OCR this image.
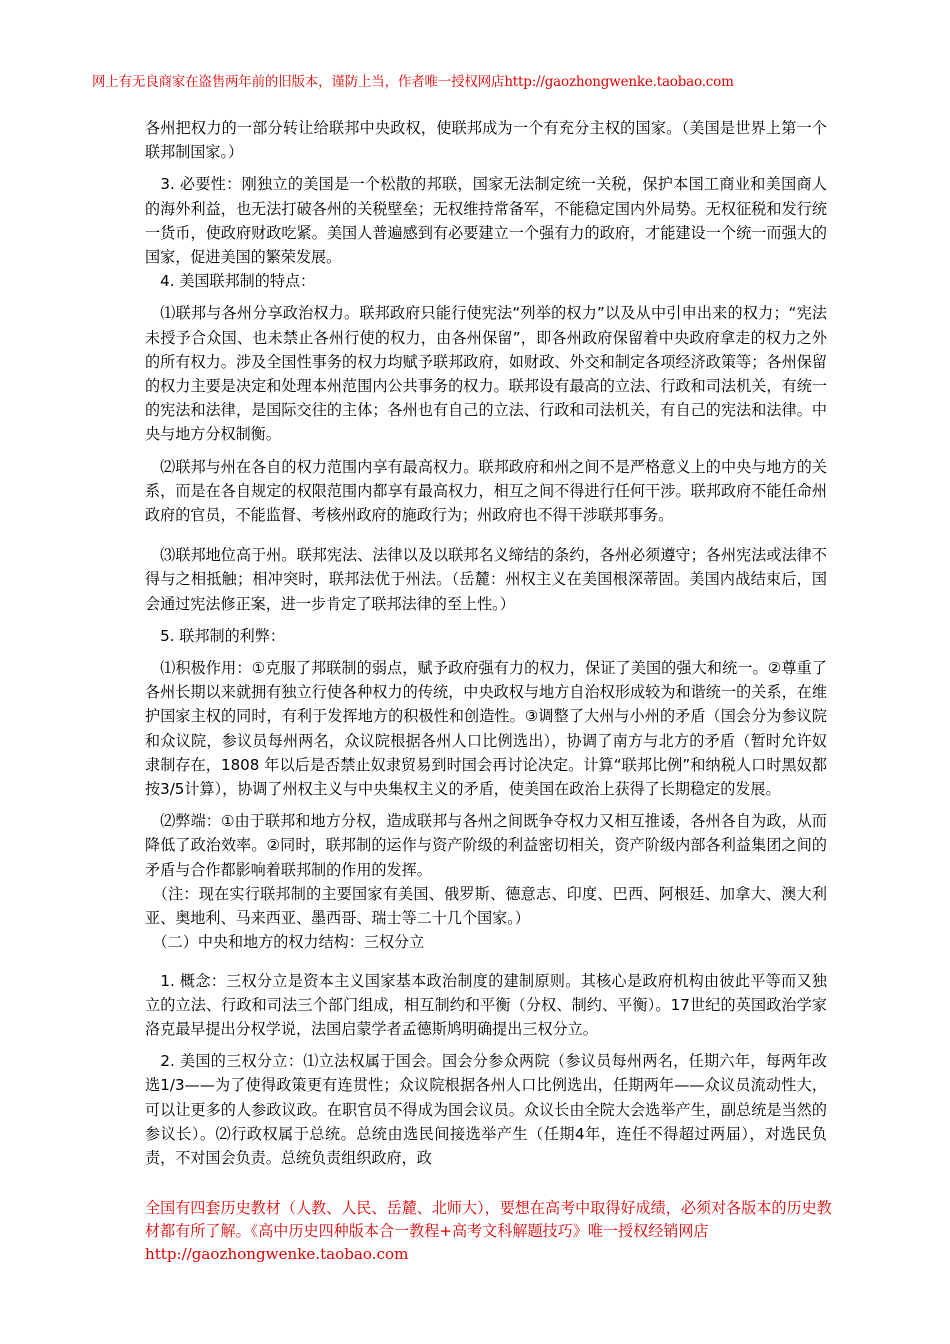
网上有无良商家在盗售两年前的旧版本，谨防上当，作者唯一授权网店http://gaozhongwenke.taobao.com

各州把权力的一部分转让给联邦中央政权，使联邦成为一个有充分主权的国家。（美国是世界上第一个联邦制国家。）

　3. 必要性：刚独立的美国是一个松散的邦联，国家无法制定统一关税，保护本国工商业和美国商人的海外利益，也无法打破各州的关税壁垒；无权维持常备军，不能稳定国内外局势。无权征税和发行统一货币，使政府财政吃紧。美国人普遍感到有必要建立一个强有力的政府，才能建设一个统一而强大的国家，促进美国的繁荣发展。

　4. 美国联邦制的特点：

　⑴联邦与各州分享政治权力。联邦政府只能行使宪法“列举的权力”以及从中引申出来的权力；“宪法未授予合众国、也未禁止各州行使的权力，由各州保留”，即各州政府保留着中央政府拿走的权力之外的所有权力。涉及全国性事务的权力均赋予联邦政府，如财政、外交和制定各项经济政策等；各州保留的权力主要是决定和处理本州范围内公共事务的权力。联邦设有最高的立法、行政和司法机关，有统一的宪法和法律，是国际交往的主体；各州也有自己的立法、行政和司法机关，有自己的宪法和法律。中央与地方分权制衡。

　⑵联邦与州在各自的权力范围内享有最高权力。联邦政府和州之间不是严格意义上的中央与地方的关系，而是在各自规定的权限范围内都享有最高权力，相互之间不得进行任何干涉。联邦政府不能任命州政府的官员，不能监督、考核州政府的施政行为；州政府也不得干涉联邦事务。

　⑶联邦地位高于州。联邦宪法、法律以及以联邦名义缔结的条约，各州必须遵守；各州宪法或法律不得与之相抵触；相冲突时，联邦法优于州法。（岳麓：州权主义在美国根深蒂固。美国内战结束后，国会通过宪法修正案，进一步肯定了联邦法律的至上性。）

　5. 联邦制的利弊：

　⑴积极作用：①克服了邦联制的弱点，赋予政府强有力的权力，保证了美国的强大和统一。②尊重了各州长期以来就拥有独立行使各种权力的传统，中央政权与地方自治权形成较为和谐统一的关系，在维护国家主权的同时，有利于发挥地方的积极性和创造性。③调整了大州与小州的矛盾（国会分为参议院和众议院，参议员每州两名，众议院根据各州人口比例选出），协调了南方与北方的矛盾（暂时允许奴隶制存在，1808 年以后是否禁止奴隶贸易到时国会再讨论决定。计算“联邦比例”和纳税人口时黑奴都按3/5计算），协调了州权主义与中央集权主义的矛盾，使美国在政治上获得了长期稳定的发展。

　⑵弊端：①由于联邦和地方分权，造成联邦与各州之间既争夺权力又相互推诿，各州各自为政，从而降低了政治效率。②同时，联邦制的运作与资产阶级的利益密切相关，资产阶级内部各利益集团之间的矛盾与合作都影响着联邦制的作用的发挥。

　（注：现在实行联邦制的主要国家有美国、俄罗斯、德意志、印度、巴西、阿根廷、加拿大、澳大利亚、奥地利、马来西亚、墨西哥、瑞士等二十几个国家。）

　（二）中央和地方的权力结构：三权分立

　1. 概念：三权分立是资本主义国家基本政治制度的建制原则。其核心是政府机构由彼此平等而又独立的立法、行政和司法三个部门组成，相互制约和平衡（分权、制约、平衡）。17世纪的英国政治学家洛克最早提出分权学说，法国启蒙学者孟德斯鸠明确提出三权分立。

　2. 美国的三权分立：⑴立法权属于国会。国会分参众两院（参议员每州两名，任期六年，每两年改选1/3——为了使得政策更有连贯性；众议院根据各州人口比例选出，任期两年——众议员流动性大，可以让更多的人参政议政。在职官员不得成为国会议员。众议长由全院大会选举产生，副总统是当然的参议长）。⑵行政权属于总统。总统由选民间接选举产生（任期4年，连任不得超过两届），对选民负责，不对国会负责。总统负责组织政府，政

全国有四套历史教材（人教、人民、岳麓、北师大），要想在高考中取得好成绩，必须对各版本的历史教材都有所了解。《高中历史四种版本合一教程+高考文科解题技巧》唯一授权经销网店http://gaozhongwenke.taobao.com
